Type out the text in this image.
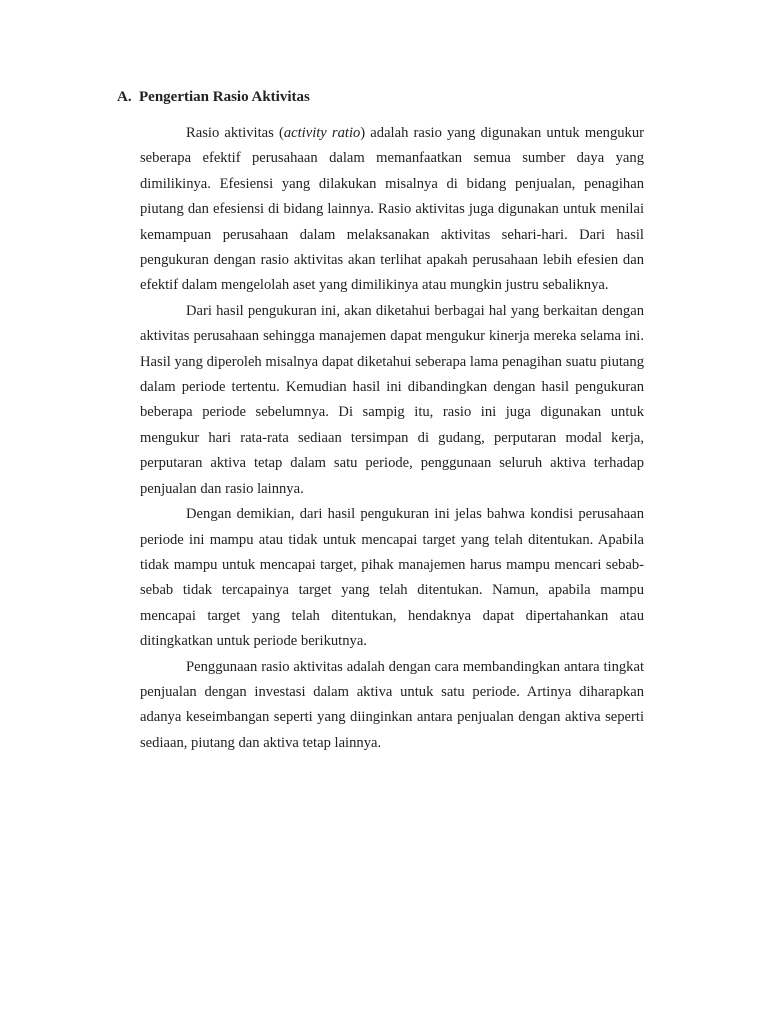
A. Pengertian Rasio Aktivitas

Rasio aktivitas (activity ratio) adalah rasio yang digunakan untuk mengukur seberapa efektif perusahaan dalam memanfaatkan semua sumber daya yang dimilikinya. Efesiensi yang dilakukan misalnya di bidang penjualan, penagihan piutang dan efesiensi di bidang lainnya. Rasio aktivitas juga digunakan untuk menilai kemampuan perusahaan dalam melaksanakan aktivitas sehari-hari. Dari hasil pengukuran dengan rasio aktivitas akan terlihat apakah perusahaan lebih efesien dan efektif dalam mengelolah aset yang dimilikinya atau mungkin justru sebaliknya.

Dari hasil pengukuran ini, akan diketahui berbagai hal yang berkaitan dengan aktivitas perusahaan sehingga manajemen dapat mengukur kinerja mereka selama ini. Hasil yang diperoleh misalnya dapat diketahui seberapa lama penagihan suatu piutang dalam periode tertentu. Kemudian hasil ini dibandingkan dengan hasil pengukuran beberapa periode sebelumnya. Di sampig itu, rasio ini juga digunakan untuk mengukur hari rata-rata sediaan tersimpan di gudang, perputaran modal kerja, perputaran aktiva tetap dalam satu periode, penggunaan seluruh aktiva terhadap penjualan dan rasio lainnya.

Dengan demikian, dari hasil pengukuran ini jelas bahwa kondisi perusahaan periode ini mampu atau tidak untuk mencapai target yang telah ditentukan. Apabila tidak mampu untuk mencapai target, pihak manajemen harus mampu mencari sebab-sebab tidak tercapainya target yang telah ditentukan. Namun, apabila mampu mencapai target yang telah ditentukan, hendaknya dapat dipertahankan atau ditingkatkan untuk periode berikutnya.

Penggunaan rasio aktivitas adalah dengan cara membandingkan antara tingkat penjualan dengan investasi dalam aktiva untuk satu periode. Artinya diharapkan adanya keseimbangan seperti yang diinginkan antara penjualan dengan aktiva seperti sediaan, piutang dan aktiva tetap lainnya.
